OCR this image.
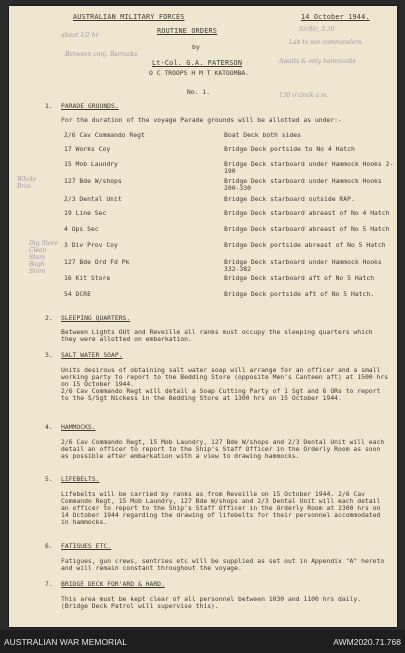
AUSTRALIAN MILITARY FORCES	14 October 1944.
ROUTINE ORDERS
by
Lt-Col. G.A. PATERSON
O C TROOPS H M T KATOOMBA.
No. 1.
about 1/2 hr
Sir/Hr, 3.30
Lab to see commanders
Between conj. Barracks
Awaits & only hammocks
130 o'clock a.m.
Whole Bros
Dig Store
Clean Store
Bagh Store
1. PARADE GROUNDS.
For the duration of the voyage Parade grounds will be allotted as under:-
2/6 Cav Commando Regt	Boat Deck both sides
17 Works Coy	Bridge Deck portside to No 4 Hatch
15 Mob Laundry	Bridge Deck starboard under Hammock Hooks 2-190
127 Bde W/shops	Bridge Deck starboard under Hammock Hooks 200-330
2/3 Dental Unit	Bridge Deck starboard outside RAP.
19 Line Sec	Bridge Deck starboard abreast of No 4 Hatch
4 Ops Sec	Bridge Deck starboard abreast of No 5 Hatch
3 Div Prov Coy	Bridge Deck portside abreast of No 5 Hatch
127 Bde Ord Fd Pk	Bridge Deck starboard under Hammock Hooks 332-382
16 Kit Store	Bridge Deck starboard aft of No 5 Hatch
54 DCRE	Bridge Deck portside aft of No 5 Hatch.
2. SLEEPING QUARTERS.
Between Lights OUt and Reveille all ranks must occupy the sleeping quarters which they were allotted on embarkation.
3. SALT WATER SOAP.
Units desirous of obtaining salt water soap will arrange for an officer and a small working party to report to the Bedding Store (opposite Men's Canteen aft) at 1500 hrs on 15 October 1944.
2/6 Cav Commando Regt will detail a Soap Cutting Party of 1 Sgt and 6 ORs to report to the S/Sgt Nickess in the Bedding Store at 1300 hrs on 15 October 1944.
4. HAMMOCKS.
2/6 Cav Commando Regt, 15 Mob Laundry, 127 Bde W/shops and 2/3 Dental Unit will each detail an officer to report to the Ship's Staff Officer in the Orderly Room as soon as possible after embarkation with a view to drawing hammocks.
5. LIFEBELTS.
Lifebelts will be carried by ranks as from Reveille on 15 October 1944. 2/6 Cav Commando Regt, 15 Mob Laundry, 127 Bde W/shops and 2/3 Dental Unit will each detail an officer to report to the Ship's Staff Officer in the Orderly Room at 2300 hrs on 14 October 1944 regarding the drawing of lifebelts for their personnel accommodated in hammocks.
6. FATIGUES ETC.
Fatigues, gun crews, sentries etc will be supplied as set out in Appendix "A" hereto and will remain constant throughout the voyage.
7. BRIDGE DECK FOR'ARD & HARD.
This area must be kept clear of all personnel between 1030 and 1100 hrs daily. (Bridge Deck Patrol will supervise this).
AUSTRALIAN WAR MEMORIAL	AWM2020.71.768
